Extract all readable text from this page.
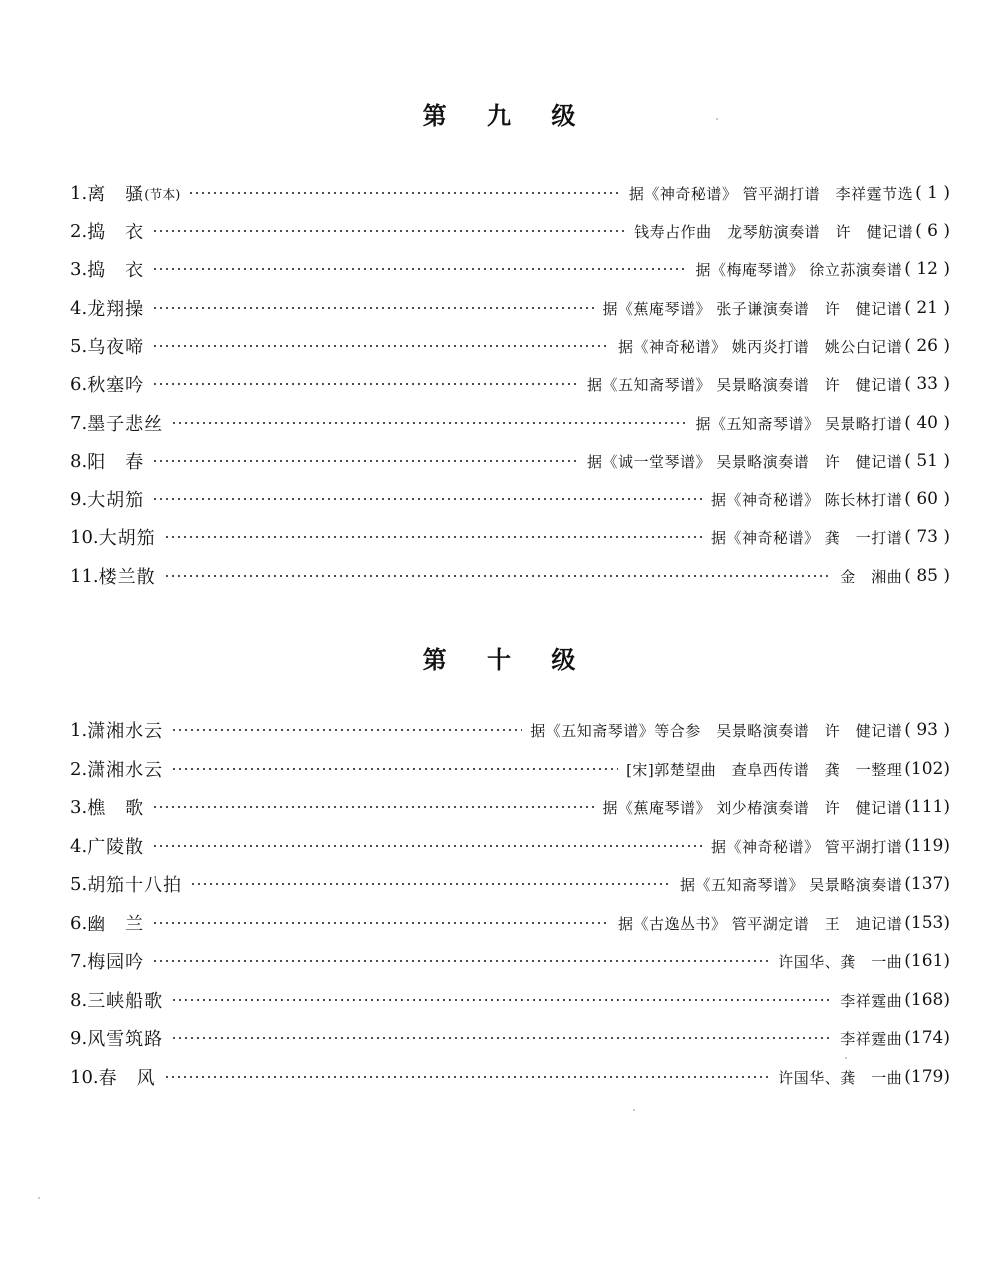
第 九 级
1. 离　骚 (节本)	据《神奇秘谱》 管平湖打谱　李祥霆节选 ( 1 )
2. 捣　衣	钱寿占作曲　龙琴舫演奏谱　许　健记谱 ( 6 )
3. 捣　衣	据《梅庵琴谱》 徐立荪演奏谱 ( 12 )
4. 龙翔操	据《蕉庵琴谱》 张子谦演奏谱　许　健记谱 ( 21 )
5. 乌夜啼	据《神奇秘谱》 姚丙炎打谱　姚公白记谱 ( 26 )
6. 秋塞吟	据《五知斋琴谱》 吴景略演奏谱　许　健记谱 ( 33 )
7. 墨子悲丝	据《五知斋琴谱》 吴景略打谱 ( 40 )
8. 阳　春	据《诚一堂琴谱》 吴景略演奏谱　许　健记谱 ( 51 )
9. 大胡笳	据《神奇秘谱》 陈长林打谱 ( 60 )
10. 大胡笳	据《神奇秘谱》 龚　一打谱 ( 73 )
11. 楼兰散	金　湘曲 ( 85 )
第 十 级
1. 潇湘水云	据《五知斋琴谱》等合参　吴景略演奏谱　许　健记谱 ( 93 )
2. 潇湘水云	[宋]郭楚望曲　查阜西传谱　龚　一整理 (102)
3. 樵　歌	据《蕉庵琴谱》 刘少椿演奏谱　许　健记谱 (111)
4. 广陵散	据《神奇秘谱》 管平湖打谱 (119)
5. 胡笳十八拍	据《五知斋琴谱》 吴景略演奏谱 (137)
6. 幽　兰	据《古逸丛书》 管平湖定谱　王　迪记谱 (153)
7. 梅园吟	许国华、龚　一曲 (161)
8. 三峡船歌	李祥霆曲 (168)
9. 风雪筑路	李祥霆曲 (174)
10. 春　风	许国华、龚　一曲 (179)
